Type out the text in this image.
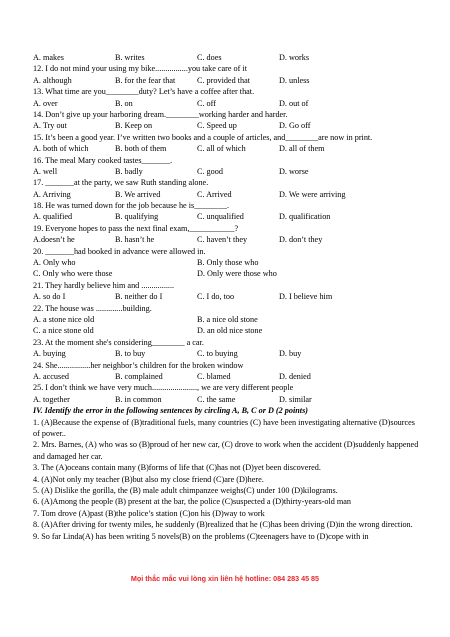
A. makes	B. writes	C. does	D. works
12. I do not mind your using my bike................you take care of it
A. although	B. for the fear that	C. provided that	D. unless
13. What time are you________duty? Let’s have a coffee after that.
A. over	B. on	C. off	D. out of
14. Don’t give up your harboring dream.________working harder and harder.
A. Try out	B. Keep on	C. Speed up	D. Go off
15. It’s been a good year. I’ve written two books and a couple of articles, and________are now in print.
A. both of which	B. both of them	C. all of which	D. all of them
16. The meal Mary cooked tastes_______.
A. well	B. badly	C. good	D. worse
17. _______at the party, we saw Ruth standing alone.
A. Arriving	B. We arrived	C. Arrived	D. We were arriving
18. He was turned down for the job because he is________.
A. qualified	B. qualifying	C. unqualified	D. qualification
19. Everyone hopes to pass the next final exam,___________?
A.doesn’t he	B. hasn’t he	C. haven’t they	D. don’t they
20. _______had booked in advance were allowed in.
A. Only who	B. Only those who
C. Only who were those	D. Only were those who
21. They hardly believe him and ................
A. so do I	B. neither do I	C. I do, too	D. I believe him
22. The house was .............building.
A. a stone nice old	B. a nice old stone
C. a nice stone old	D. an old nice stone
23. At the moment she's considering________ a car.
A. buying	B. to buy	C. to buying	D. buy
24. She................her neighbor’s children for the broken window
A. accused	B. complained	C. blamed	D. denied
25. I don’t think we have very much......................, we are very different people
A. together	B. in common	C. the same	D. similar
IV. Identify the error in the following sentences by circling A, B, C or D (2 points)
1. (A)Because the expense of (B)traditional fuels, many countries (C) have been investigating alternative (D)sources of power..
2. Mrs. Barnes, (A) who was so (B)proud of her new car, (C) drove to work when the accident (D)suddenly happened and damaged her car.
3. The (A)oceans contain many (B)forms of life that (C)has not (D)yet been discovered.
4. (A)Not only my teacher (B)but also my close friend (C)are (D)here.
5. (A) Dislike the gorilla, the (B) male adult chimpanzee weighs(C) under 100 (D)kilograms.
6. (A)Among the people (B) present at the bar, the police (C)suspected a (D)thirty-years-old man
7. Tom drove (A)past (B)the police’s station (C)on his (D)way to work
8. (A)After driving for twenty miles, he suddenly (B)realized that he (C)has been driving (D)in the wrong direction.
9. So far Linda(A) has been writing 5 novels(B) on the problems (C)teenagers have to (D)cope with in
Mọi thắc mắc vui lòng xin liên hệ hotline: 084 283 45 85
